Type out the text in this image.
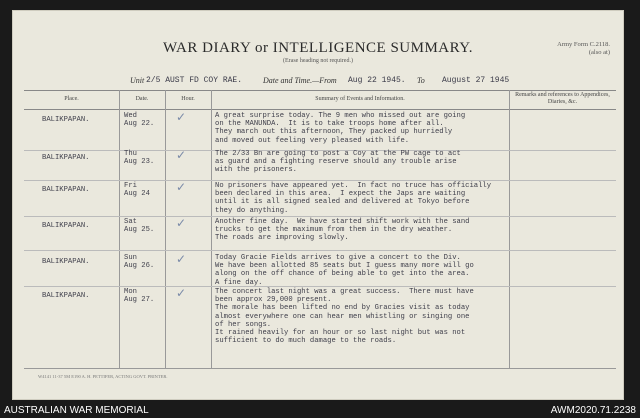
WAR DIARY or INTELLIGENCE SUMMARY.
(Erase heading not required.)
Army Form C.2118.
(also at)
Unit 2/5 AUST FD COY RAE.	Date and Time.—From Aug 22 1945. To August 27 1945
Place.	Date.	Hour.	Summary of Events and Information.
Remarks and references to Appendices, Diaries, &c.
BALIKPAPAN.	Wed
Aug 22. ✓	A great surprise today. The 9 men who missed out are going
on the MANUNDA.  It is to take troops home after all.
They march out this afternoon, They packed up hurriedly
and moved out feeling very pleased with life.
BALIKPAPAN.	Thu
Aug 23. ✓	The 2/33 Bn are going to post a Coy at the PW cage to act
as guard and a fighting reserve should any trouble arise
with the prisoners.
BALIKPAPAN.	Fri
Aug 24 ✓	No prisoners have appeared yet.  In fact no truce has officially
been declared in this area.  I expect the Japs are waiting
until it is all signed sealed and delivered at Tokyo before
they do anything.
BALIKPAPAN.	Sat
Aug 25. ✓	Another fine day.  We have started shift work with the sand
trucks to get the maximum from them in the dry weather.
The roads are improving slowly.
BALIKPAPAN.	Sun
Aug 26. ✓	Today Gracie Fields arrives to give a concert to the Div.
We have been allotted 85 seats but I guess many more will go
along on the off chance of being able to get into the area.
A fine day.
BALIKPAPAN.	Mon
Aug 27. ✓	The concert last night was a great success.  There must have
been approx 29,000 present.
The morale has been lifted no end by Gracies visit as today
almost everywhere one can hear men whistling or singing one
of her songs.
It rained heavily for an hour or so last night but was not
sufficient to do much damage to the roads.
W4141 11-37 5M E190 A. H. PETTIFER, ACTING GOVT. PRINTER.
AUSTRALIAN WAR MEMORIAL	AWM2020.71.2238
